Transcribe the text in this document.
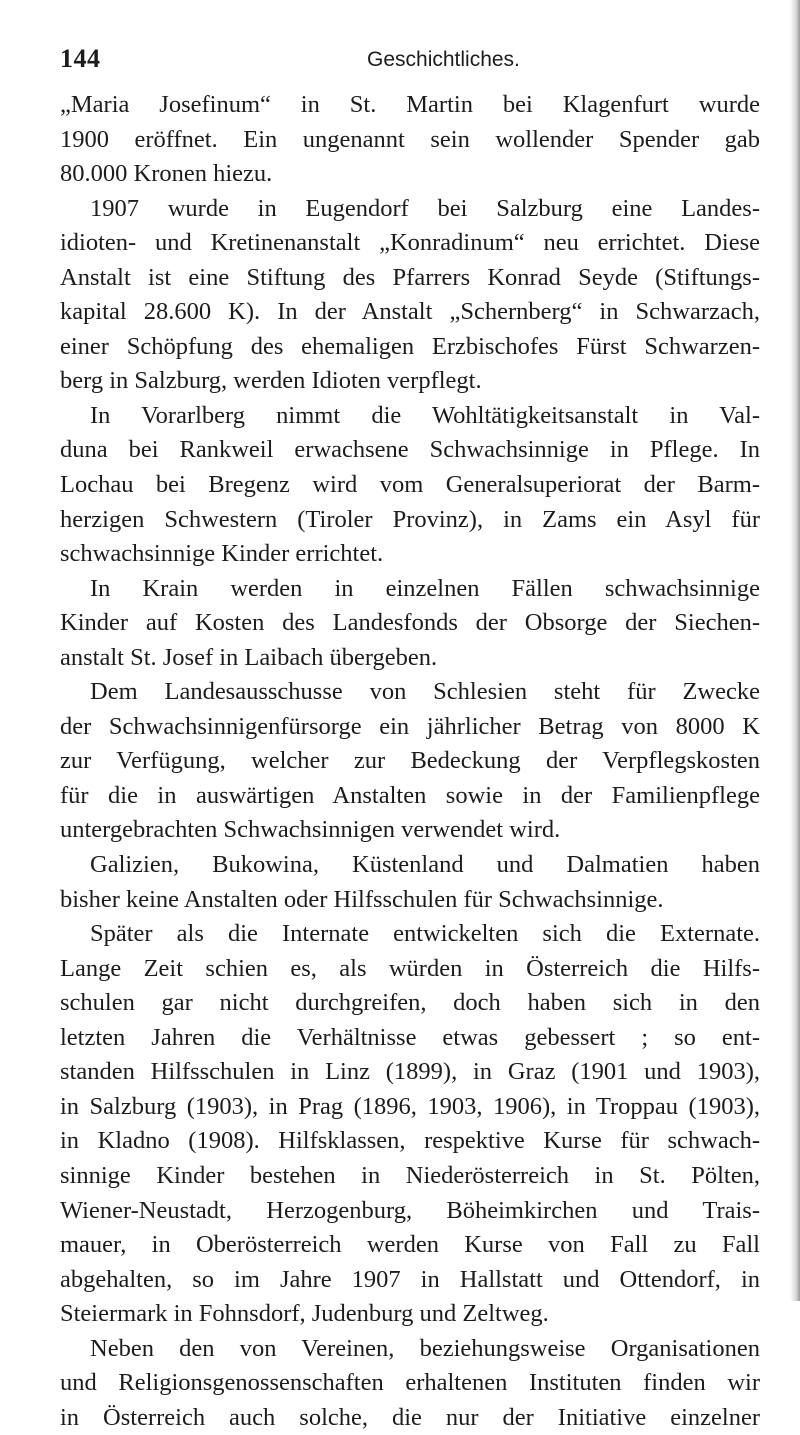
144	Geschichtliches.
„Maria Josefinum“ in St. Martin bei Klagenfurt wurde
1900 eröffnet. Ein ungenannt sein wollender Spender gab
80.000 Kronen hiezu.
1907 wurde in Eugendorf bei Salzburg eine Landes-
idioten- und Kretinenanstalt „Konradinum“ neu errichtet. Diese
Anstalt ist eine Stiftung des Pfarrers Konrad Seyde (Stiftungs-
kapital 28.600 K). In der Anstalt „Schernberg“ in Schwarzach,
einer Schöpfung des ehemaligen Erzbischofes Fürst Schwarzen-
berg in Salzburg, werden Idioten verpflegt.
In Vorarlberg nimmt die Wohltätigkeitsanstalt in Val-
duna bei Rankweil erwachsene Schwachsinnige in Pflege. In
Lochau bei Bregenz wird vom Generalsuperiorat der Barm-
herzigen Schwestern (Tiroler Provinz), in Zams ein Asyl für
schwachsinnige Kinder errichtet.
In Krain werden in einzelnen Fällen schwachsinnige
Kinder auf Kosten des Landesfonds der Obsorge der Siechen-
anstalt St. Josef in Laibach übergeben.
Dem Landesausschusse von Schlesien steht für Zwecke
der Schwachsinnigenfürsorge ein jährlicher Betrag von 8000 K
zur Verfügung, welcher zur Bedeckung der Verpflegskosten
für die in auswärtigen Anstalten sowie in der Familienpflege
untergebrachten Schwachsinnigen verwendet wird.
Galizien, Bukowina, Küstenland und Dalmatien haben
bisher keine Anstalten oder Hilfsschulen für Schwachsinnige.
Später als die Internate entwickelten sich die Externate.
Lange Zeit schien es, als würden in Österreich die Hilfs-
schulen gar nicht durchgreifen, doch haben sich in den
letzten Jahren die Verhältnisse etwas gebessert ; so ent-
standen Hilfsschulen in Linz (1899), in Graz (1901 und 1903),
in Salzburg (1903), in Prag (1896, 1903, 1906), in Troppau (1903),
in Kladno (1908). Hilfsklassen, respektive Kurse für schwach-
sinnige Kinder bestehen in Niederösterreich in St. Pölten,
Wiener-Neustadt, Herzogenburg, Böheimkirchen und Trais-
mauer, in Oberösterreich werden Kurse von Fall zu Fall
abgehalten, so im Jahre 1907 in Hallstatt und Ottendorf, in
Steiermark in Fohnsdorf, Judenburg und Zeltweg.
Neben den von Vereinen, beziehungsweise Organisationen
und Religionsgenossenschaften erhaltenen Instituten finden wir
in Österreich auch solche, die nur der Initiative einzelner
